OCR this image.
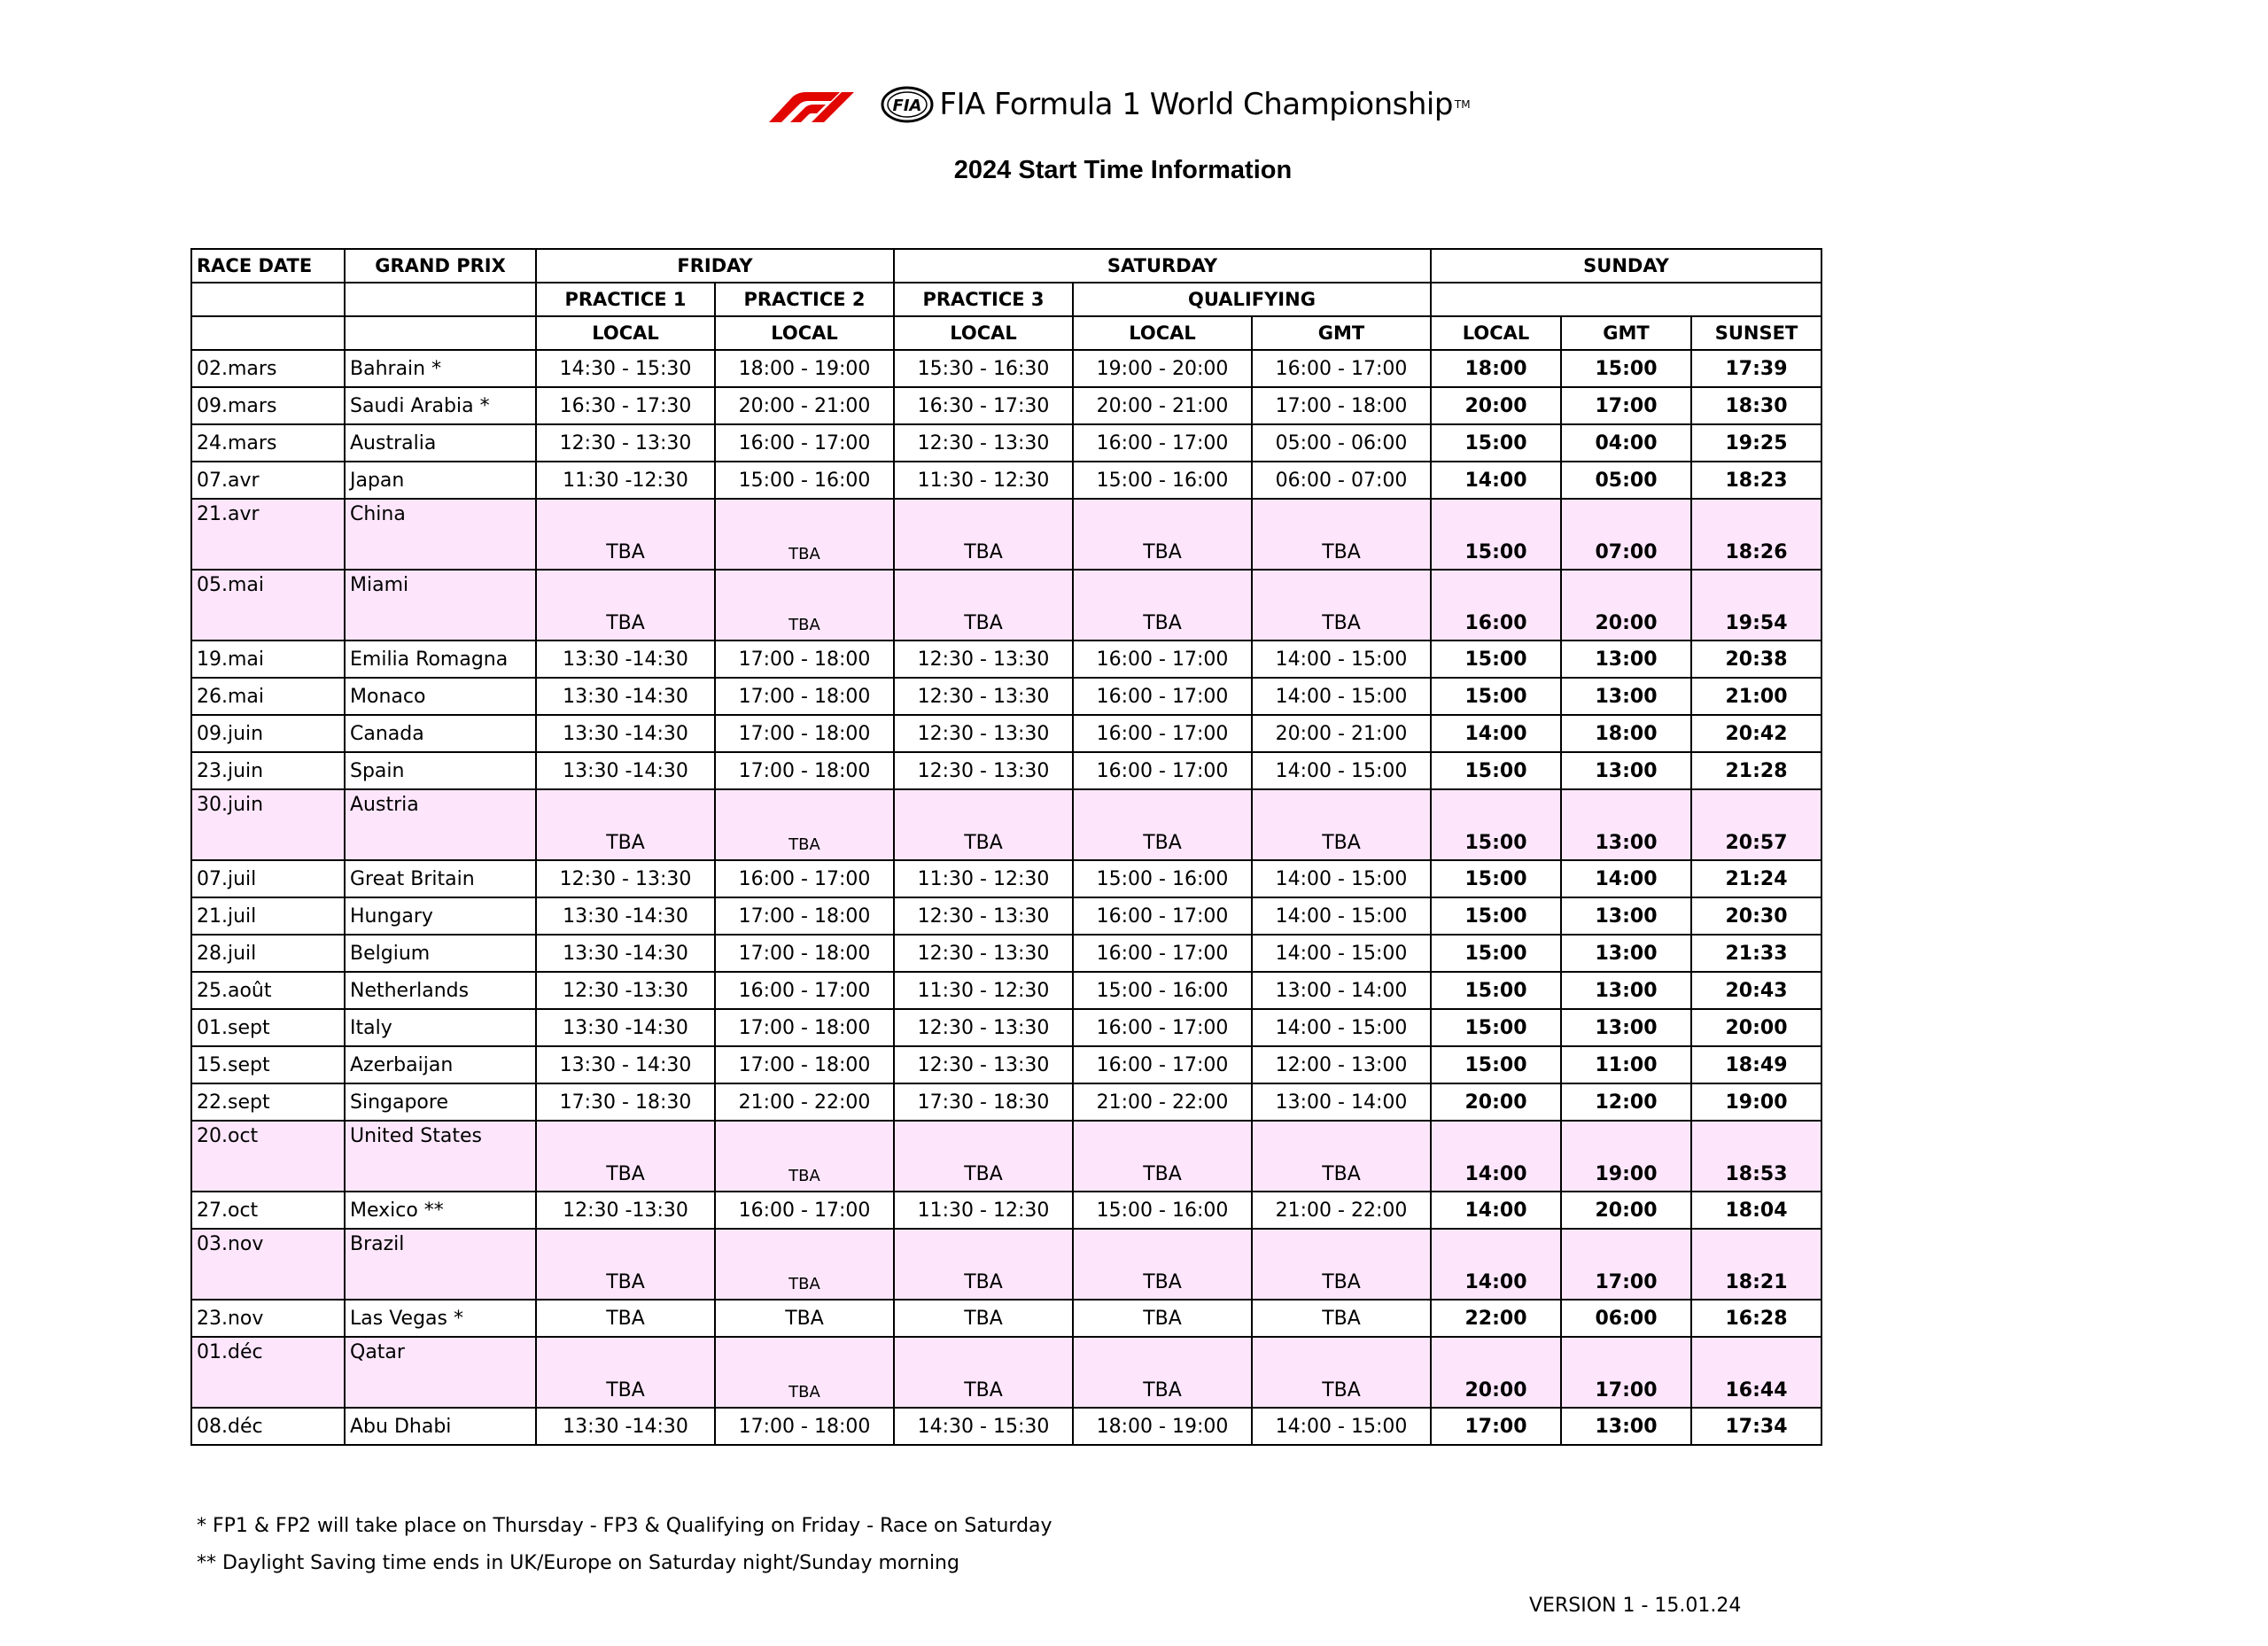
FIA FIA Formula 1 World Championship TM
2024 Start Time Information
RACE DATE	GRAND PRIX	FRIDAY		SATURDAY			SUNDAY		
		PRACTICE 1	PRACTICE 2	PRACTICE 3	QUALIFYING				
		LOCAL	LOCAL	LOCAL	LOCAL	GMT	LOCAL	GMT	SUNSET
02.mars	Bahrain *	14:30 - 15:30	18:00 - 19:00	15:30 - 16:30	19:00 - 20:00	16:00 - 17:00	18:00	15:00	17:39
09.mars	Saudi Arabia *	16:30 - 17:30	20:00 - 21:00	16:30 - 17:30	20:00 - 21:00	17:00 - 18:00	20:00	17:00	18:30
24.mars	Australia	12:30 - 13:30	16:00 - 17:00	12:30 - 13:30	16:00 - 17:00	05:00 - 06:00	15:00	04:00	19:25
07.avr	Japan	11:30 -12:30	15:00 - 16:00	11:30 - 12:30	15:00 - 16:00	06:00 - 07:00	14:00	05:00	18:23
21.avr	China	TBA	TBA	TBA	TBA	TBA	15:00	07:00	18:26
05.mai	Miami	TBA	TBA	TBA	TBA	TBA	16:00	20:00	19:54
19.mai	Emilia Romagna	13:30 -14:30	17:00 - 18:00	12:30 - 13:30	16:00 - 17:00	14:00 - 15:00	15:00	13:00	20:38
26.mai	Monaco	13:30 -14:30	17:00 - 18:00	12:30 - 13:30	16:00 - 17:00	14:00 - 15:00	15:00	13:00	21:00
09.juin	Canada	13:30 -14:30	17:00 - 18:00	12:30 - 13:30	16:00 - 17:00	20:00 - 21:00	14:00	18:00	20:42
23.juin	Spain	13:30 -14:30	17:00 - 18:00	12:30 - 13:30	16:00 - 17:00	14:00 - 15:00	15:00	13:00	21:28
30.juin	Austria	TBA	TBA	TBA	TBA	TBA	15:00	13:00	20:57
07.juil	Great Britain	12:30 - 13:30	16:00 - 17:00	11:30 - 12:30	15:00 - 16:00	14:00 - 15:00	15:00	14:00	21:24
21.juil	Hungary	13:30 -14:30	17:00 - 18:00	12:30 - 13:30	16:00 - 17:00	14:00 - 15:00	15:00	13:00	20:30
28.juil	Belgium	13:30 -14:30	17:00 - 18:00	12:30 - 13:30	16:00 - 17:00	14:00 - 15:00	15:00	13:00	21:33
25.août	Netherlands	12:30 -13:30	16:00 - 17:00	11:30 - 12:30	15:00 - 16:00	13:00 - 14:00	15:00	13:00	20:43
01.sept	Italy	13:30 -14:30	17:00 - 18:00	12:30 - 13:30	16:00 - 17:00	14:00 - 15:00	15:00	13:00	20:00
15.sept	Azerbaijan	13:30 - 14:30	17:00 - 18:00	12:30 - 13:30	16:00 - 17:00	12:00 - 13:00	15:00	11:00	18:49
22.sept	Singapore	17:30 - 18:30	21:00 - 22:00	17:30 - 18:30	21:00 - 22:00	13:00 - 14:00	20:00	12:00	19:00
20.oct	United States	TBA	TBA	TBA	TBA	TBA	14:00	19:00	18:53
27.oct	Mexico **	12:30 -13:30	16:00 - 17:00	11:30 - 12:30	15:00 - 16:00	21:00 - 22:00	14:00	20:00	18:04
03.nov	Brazil	TBA	TBA	TBA	TBA	TBA	14:00	17:00	18:21
23.nov	Las Vegas *	TBA	TBA	TBA	TBA	TBA	22:00	06:00	16:28
01.déc	Qatar	TBA	TBA	TBA	TBA	TBA	20:00	17:00	16:44
08.déc	Abu Dhabi	13:30 -14:30	17:00 - 18:00	14:30 - 15:30	18:00 - 19:00	14:00 - 15:00	17:00	13:00	17:34
* FP1 & FP2 will take place on Thursday - FP3 & Qualifying on Friday - Race on Saturday
** Daylight Saving time ends in UK/Europe on Saturday night/Sunday morning
VERSION 1 - 15.01.24
